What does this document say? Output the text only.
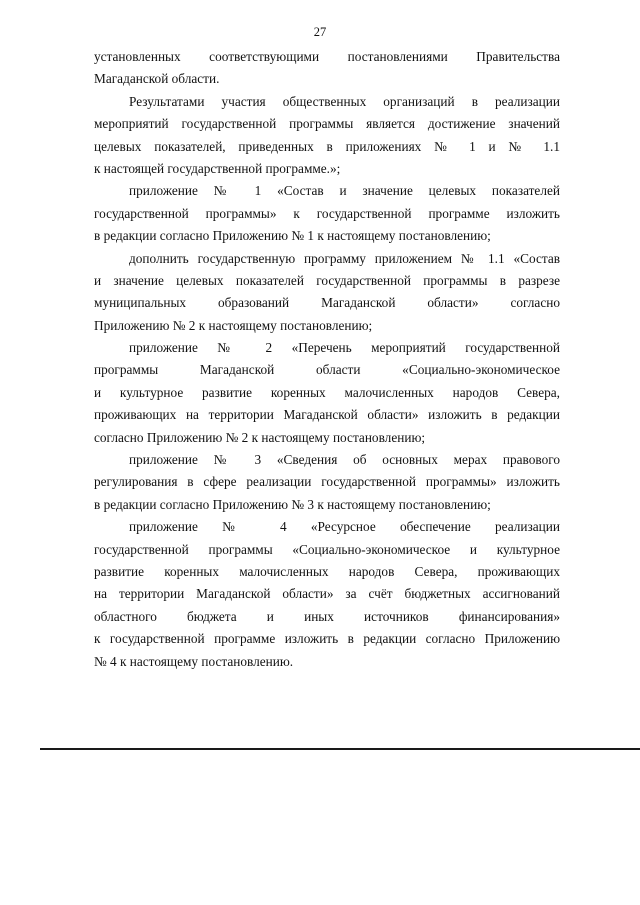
27
установленных соответствующими постановлениями Правительства
Магаданской области.
Результатами участия общественных организаций в реализации
мероприятий государственной программы является достижение значений
целевых показателей, приведенных в приложениях № 1 и № 1.1
к настоящей государственной программе.»;
приложение № 1 «Состав и значение целевых показателей
государственной программы» к государственной программе изложить
в редакции согласно Приложению № 1 к настоящему постановлению;
дополнить государственную программу приложением № 1.1 «Состав
и значение целевых показателей государственной программы в разрезе
муниципальных образований Магаданской области» согласно
Приложению № 2 к настоящему постановлению;
приложение № 2 «Перечень мероприятий государственной
программы Магаданской области «Социально-экономическое
и культурное развитие коренных малочисленных народов Севера,
проживающих на территории Магаданской области» изложить в редакции
согласно Приложению № 2 к настоящему постановлению;
приложение № 3 «Сведения об основных мерах правового
регулирования в сфере реализации государственной программы» изложить
в редакции согласно Приложению № 3 к настоящему постановлению;
приложение № 4 «Ресурсное обеспечение реализации
государственной программы «Социально-экономическое и культурное
развитие коренных малочисленных народов Севера, проживающих
на территории Магаданской области» за счёт бюджетных ассигнований
областного бюджета и иных источников финансирования»
к государственной программе изложить в редакции согласно Приложению
№ 4 к настоящему постановлению.
